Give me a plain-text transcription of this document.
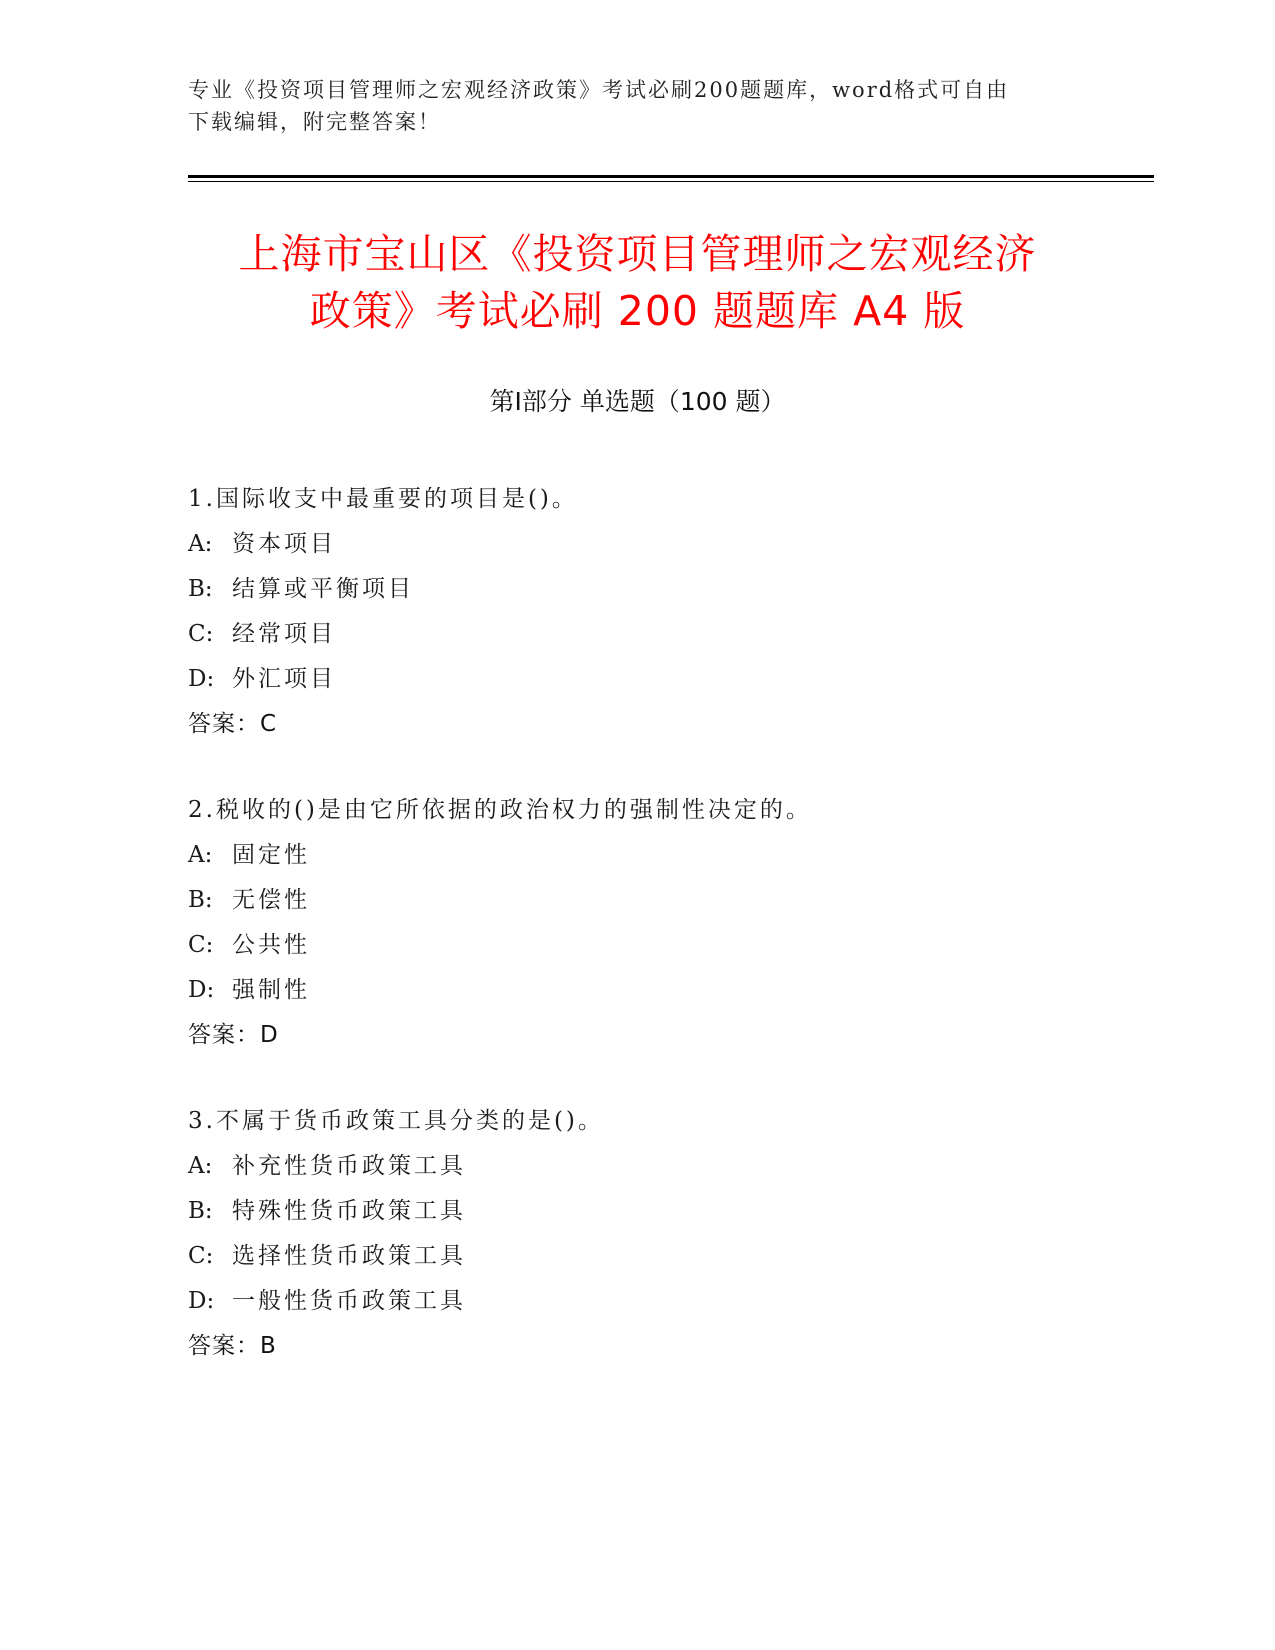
专业《投资项目管理师之宏观经济政策》考试必刷200题题库，word格式可自由
下载编辑，附完整答案！
上海市宝山区《投资项目管理师之宏观经济
政策》考试必刷 200 题题库 A4 版
第Ⅰ部分 单选题（100 题）
1.国际收支中最重要的项目是()。
A: 资本项目
B: 结算或平衡项目
C: 经常项目
D: 外汇项目
答案：C
2.税收的()是由它所依据的政治权力的强制性决定的。
A: 固定性
B: 无偿性
C: 公共性
D: 强制性
答案：D
3.不属于货币政策工具分类的是()。
A: 补充性货币政策工具
B: 特殊性货币政策工具
C: 选择性货币政策工具
D: 一般性货币政策工具
答案：B
